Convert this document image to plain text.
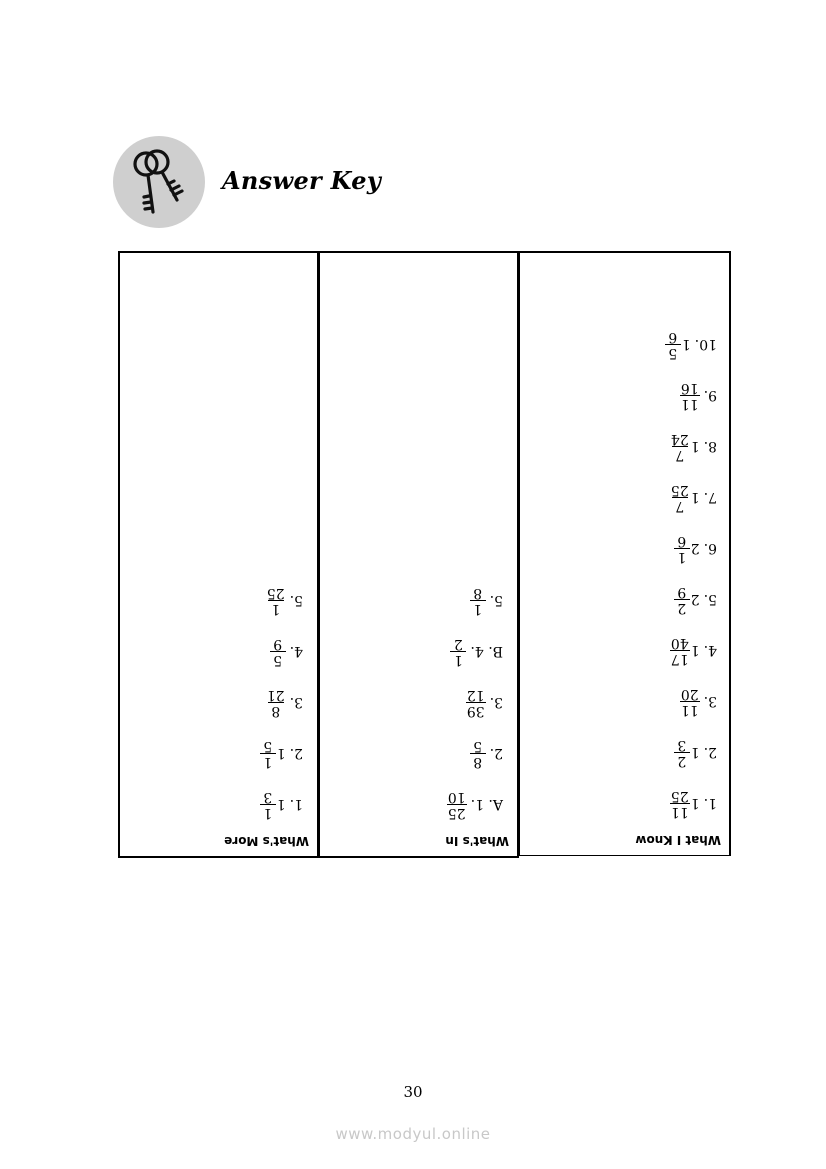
Answer Key
What's More
1.
1
1
3
2.
1
1
5
3.
8
21
4.
5
9
5.
1
25
What's In
A. 1.
25
10
2.
8
5
3.
39
12
B. 4.
1
2
5.
1
8
What I Know
1.
1
11
25
2.
1
2
3
3.
11
20
4.
1
17
40
5.
2
2
9
6.
2
1
6
7.
1
7
25
8.
1
7
24
9.
11
16
10.
1
5
6
30
www.modyul.online
